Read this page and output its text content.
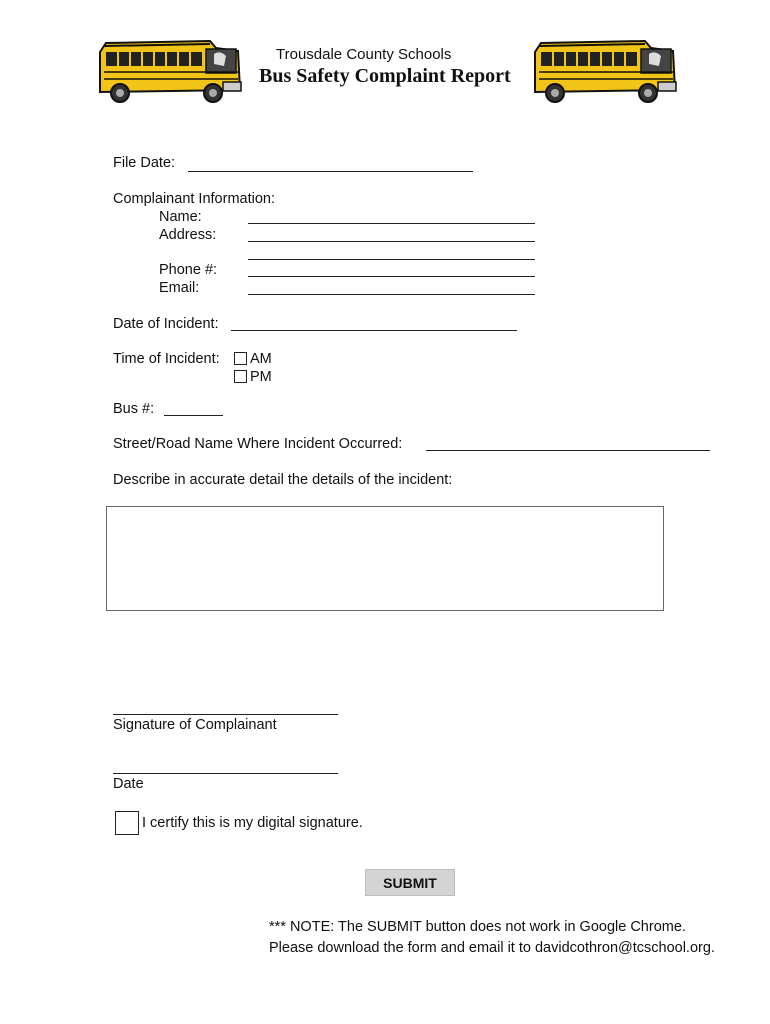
Trousdale County Schools
Bus Safety Complaint Report
File Date:
Complainant Information:
Name:
Address:
Phone #:
Email:
Date of Incident:
Time of Incident: AM
PM
Bus #:
Street/Road Name Where Incident Occurred:
Describe in accurate detail the details of the incident:
Signature of Complainant
Date
I certify this is my digital signature.
SUBMIT
*** NOTE: The SUBMIT button does not work in Google Chrome.
Please download the form and email it to davidcothron@tcschool.org.
